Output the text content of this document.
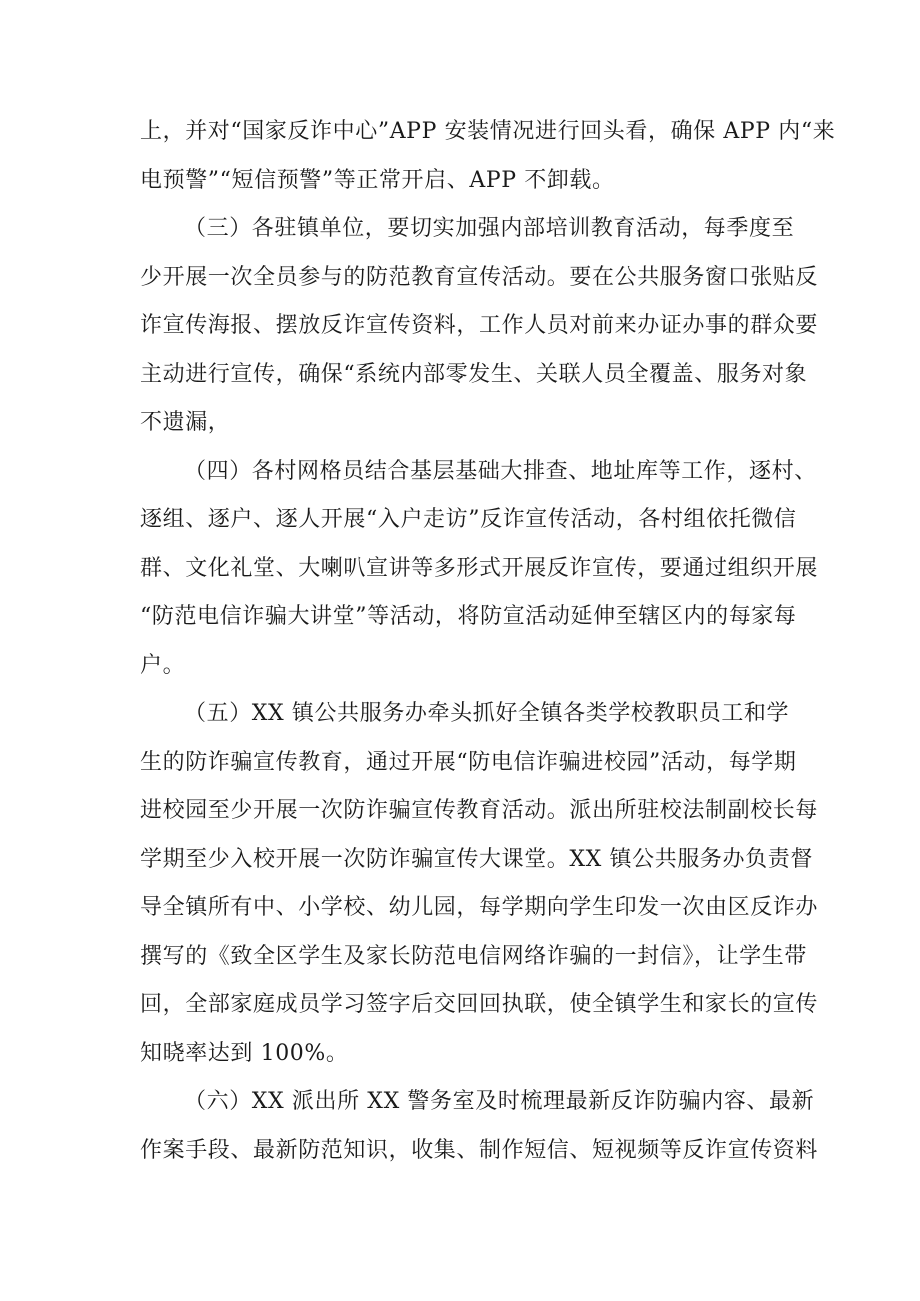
上，并对“国家反诈中心”APP 安装情况进行回头看，确保 APP 内“来
电预警”“短信预警”等正常开启、APP 不卸载。
（三）各驻镇单位，要切实加强内部培训教育活动，每季度至
少开展一次全员参与的防范教育宣传活动。要在公共服务窗口张贴反
诈宣传海报、摆放反诈宣传资料，工作人员对前来办证办事的群众要
主动进行宣传，确保“系统内部零发生、关联人员全覆盖、服务对象
不遗漏，
（四）各村网格员结合基层基础大排查、地址库等工作，逐村、
逐组、逐户、逐人开展“入户走访”反诈宣传活动，各村组依托微信
群、文化礼堂、大喇叭宣讲等多形式开展反诈宣传，要通过组织开展
“防范电信诈骗大讲堂”等活动，将防宣活动延伸至辖区内的每家每
户。
（五）XX 镇公共服务办牵头抓好全镇各类学校教职员工和学
生的防诈骗宣传教育，通过开展“防电信诈骗进校园”活动，每学期
进校园至少开展一次防诈骗宣传教育活动。派出所驻校法制副校长每
学期至少入校开展一次防诈骗宣传大课堂。XX 镇公共服务办负责督
导全镇所有中、小学校、幼儿园，每学期向学生印发一次由区反诈办
撰写的《致全区学生及家长防范电信网络诈骗的一封信》，让学生带
回，全部家庭成员学习签字后交回回执联，使全镇学生和家长的宣传
知晓率达到 100%。
（六）XX 派出所 XX 警务室及时梳理最新反诈防骗内容、最新
作案手段、最新防范知识，收集、制作短信、短视频等反诈宣传资料
